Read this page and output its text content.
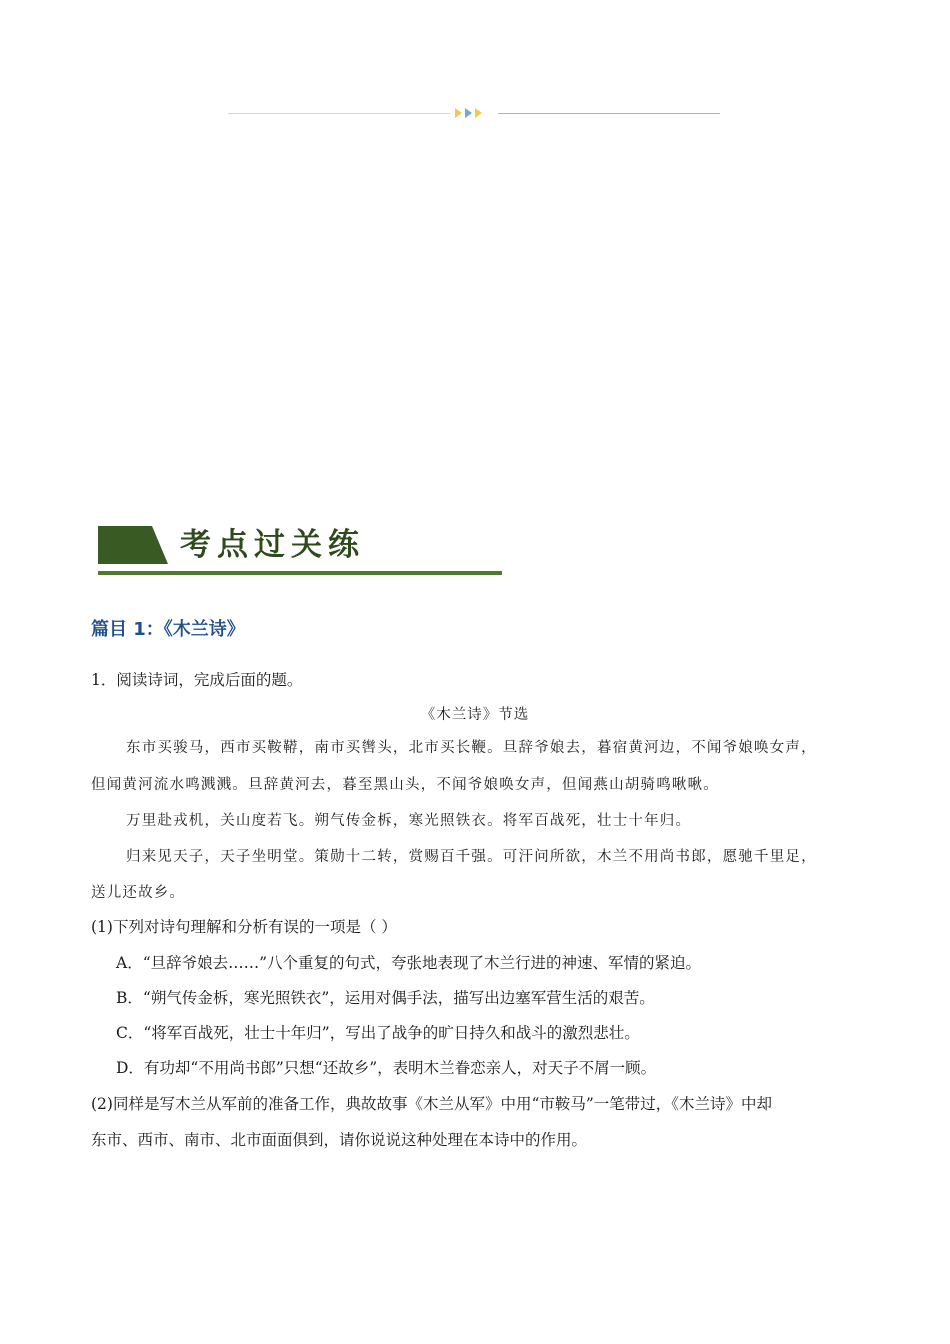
考点过关练
篇目 1：《木兰诗》
1．阅读诗词，完成后面的题。
《木兰诗》节选
东市买骏马，西市买鞍鞯，南市买辔头，北市买长鞭。旦辞爷娘去，暮宿黄河边，不闻爷娘唤女声，
但闻黄河流水鸣溅溅。旦辞黄河去，暮至黑山头，不闻爷娘唤女声，但闻燕山胡骑鸣啾啾。
万里赴戎机，关山度若飞。朔气传金柝，寒光照铁衣。将军百战死，壮士十年归。
归来见天子，天子坐明堂。策勋十二转，赏赐百千强。可汗问所欲，木兰不用尚书郎，愿驰千里足，
送儿还故乡。
(1)下列对诗句理解和分析有误的一项是（ ）
A．“旦辞爷娘去……”八个重复的句式，夸张地表现了木兰行进的神速、军情的紧迫。
B．“朔气传金柝，寒光照铁衣”，运用对偶手法，描写出边塞军营生活的艰苦。
C．“将军百战死，壮士十年归”，写出了战争的旷日持久和战斗的激烈悲壮。
D．有功却“不用尚书郎”只想“还故乡”，表明木兰眷恋亲人，对天子不屑一顾。
(2)同样是写木兰从军前的准备工作，典故故事《木兰从军》中用“市鞍马”一笔带过，《木兰诗》中却
东市、西市、南市、北市面面俱到，请你说说这种处理在本诗中的作用。
